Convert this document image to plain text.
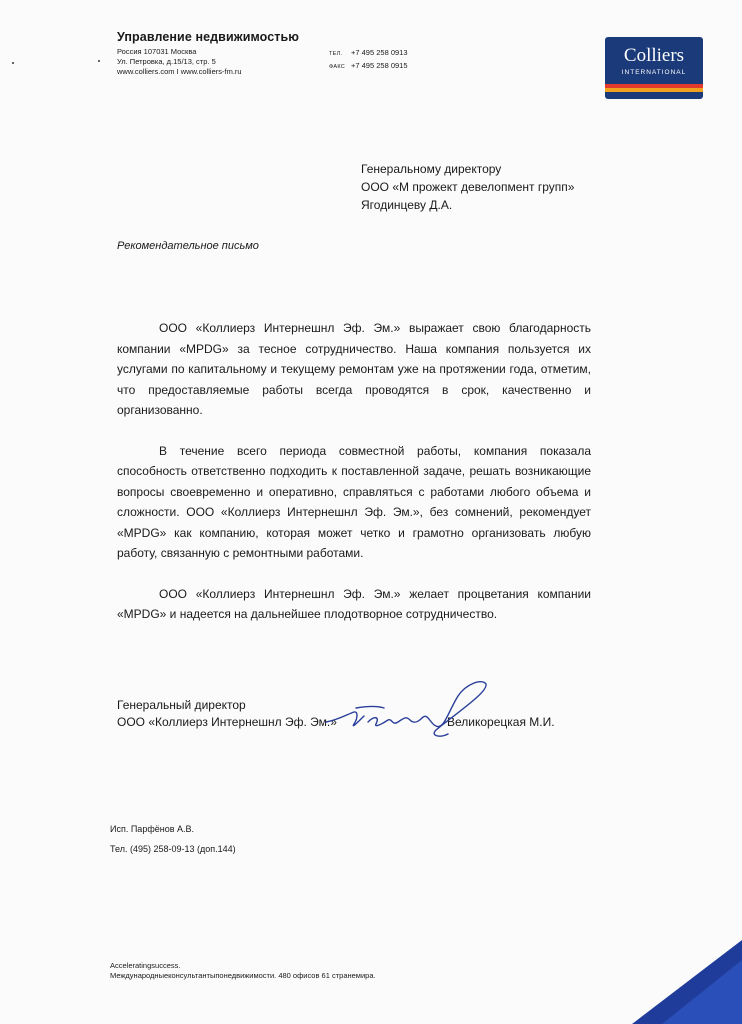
Управление недвижимостью
Россия 107031 Москва
Ул. Петровка, д.15/13, стр. 5
www.colliers.com I www.colliers-fm.ru
ТЕЛ. +7 495 258 0913
ФАКС +7 495 258 0915	Colliers
INTERNATIONAL
Генеральному директору
ООО «М прожект девелопмент групп»
Ягодинцеву Д.А.
Рекомендательное письмо

ООО «Коллиерз Интернешнл Эф. Эм.» выражает свою благодарность компании «MPDG» за тесное сотрудничество. Наша компания пользуется их услугами по капитальному и текущему ремонтам уже на протяжении года, отметим, что предоставляемые работы всегда проводятся в срок, качественно и организованно.

В течение всего периода совместной работы, компания показала способность ответственно подходить к поставленной задаче, решать возникающие вопросы своевременно и оперативно, справляться с работами любого объема и сложности. ООО «Коллиерз Интернешнл Эф. Эм.», без сомнений, рекомендует «MPDG» как компанию, которая может четко и грамотно организовать любую работу, связанную с ремонтными работами.

ООО «Коллиерз Интернешнл Эф. Эм.» желает процветания компании «MPDG» и надеется на дальнейшее плодотворное сотрудничество.

Генеральный директор
ООО «Коллиерз Интернешнл Эф. Эм.»	Великорецкая М.И.
Исп. Парфёнов А.В.
Тел. (495) 258-09-13 (доп.144)
Acceleratingsuccess.
Международныеконсультантыпонедвижимости. 480 офисов 61 странемира.
